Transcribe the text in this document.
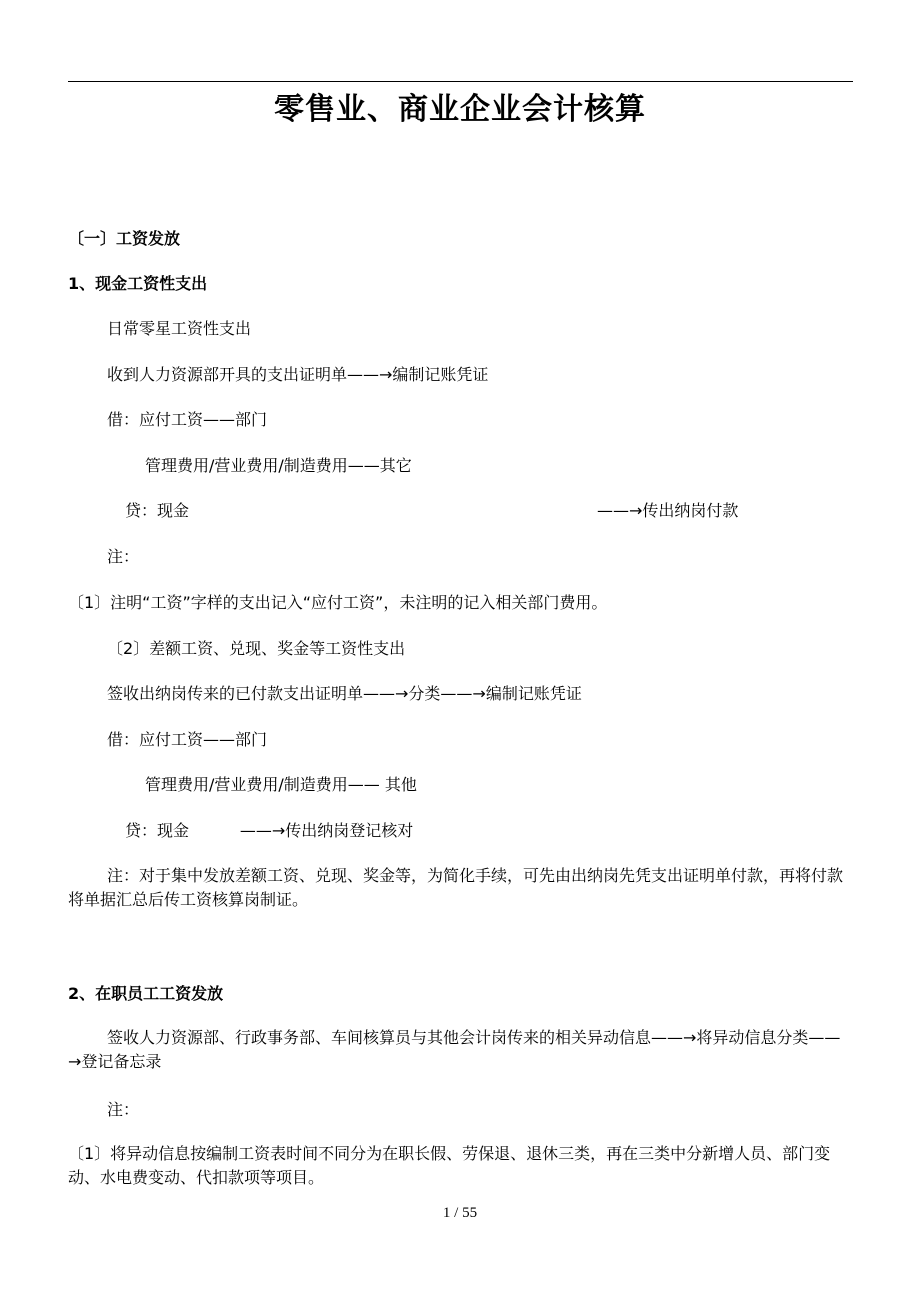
零售业、商业企业会计核算
〔一〕工资发放
1、现金工资性支出
日常零星工资性支出
收到人力资源部开具的支出证明单——→编制记账凭证
借：应付工资——部门
管理费用/营业费用/制造费用——其它
贷：现金	——→传出纳岗付款
注：
〔1〕注明“工资”字样的支出记入“应付工资”，未注明的记入相关部门费用。
〔2〕差额工资、兑现、奖金等工资性支出
签收出纳岗传来的已付款支出证明单——→分类——→编制记账凭证
借：应付工资——部门
管理费用/营业费用/制造费用—— 其他
贷：现金          ——→传出纳岗登记核对
注：对于集中发放差额工资、兑现、奖金等，为简化手续，可先由出纳岗先凭支出证明单付款，再将付款将单据汇总后传工资核算岗制证。
2、在职员工工资发放
签收人力资源部、行政事务部、车间核算员与其他会计岗传来的相关异动信息——→将异动信息分类——→登记备忘录
注：
〔1〕将异动信息按编制工资表时间不同分为在职长假、劳保退、退休三类，再在三类中分新增人员、部门变动、水电费变动、代扣款项等项目。
1 / 55
